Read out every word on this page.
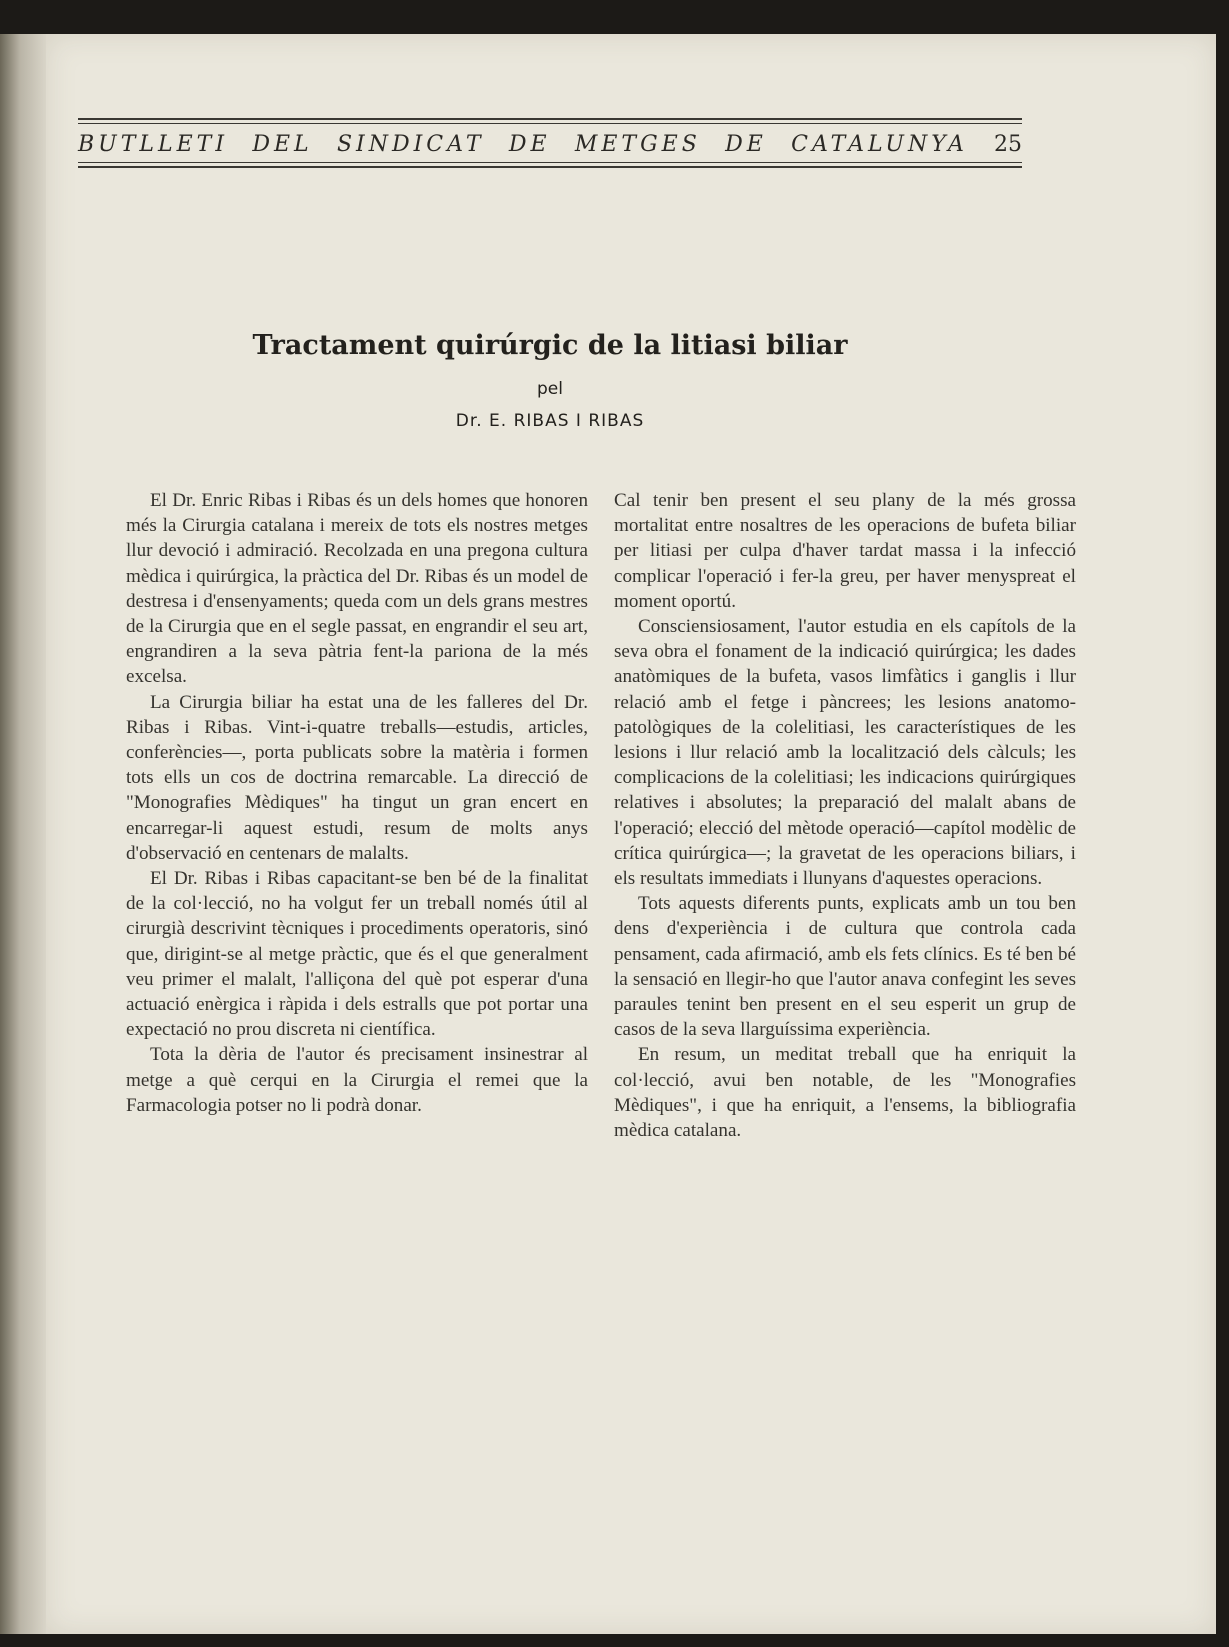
BUTLLETI DEL SINDICAT DE METGES DE CATALUNYA 25
Tractament quirúrgic de la litiasi biliar
pel
Dr. E. RIBAS I RIBAS

El Dr. Enric Ribas i Ribas és un dels homes que honoren més la Cirurgia catalana i mereix de tots els nostres metges llur devoció i admiració. Recolzada en una pregona cultura mèdica i quirúrgica, la pràctica del Dr. Ribas és un model de destresa i d'ensenyaments; queda com un dels grans mestres de la Cirurgia que en el segle passat, en engrandir el seu art, engrandiren a la seva pàtria fent-la pariona de la més excelsa.

La Cirurgia biliar ha estat una de les falleres del Dr. Ribas i Ribas. Vint-i-quatre treballs—estudis, articles, conferències—, porta publicats sobre la matèria i formen tots ells un cos de doctrina remarcable. La direcció de "Monografies Mèdiques" ha tingut un gran encert en encarregar-li aquest estudi, resum de molts anys d'observació en centenars de malalts.

El Dr. Ribas i Ribas capacitant-se ben bé de la finalitat de la col·lecció, no ha volgut fer un treball només útil al cirurgià descrivint tècniques i procediments operatoris, sinó que, dirigint-se al metge pràctic, que és el que generalment veu primer el malalt, l'alliçona del què pot esperar d'una actuació enèrgica i ràpida i dels estralls que pot portar una expectació no prou discreta ni científica.

Tota la dèria de l'autor és precisament insinestrar al metge a què cerqui en la Cirurgia el remei que la Farmacologia potser no li podrà donar.

Cal tenir ben present el seu plany de la més grossa mortalitat entre nosaltres de les operacions de bufeta biliar per litiasi per culpa d'haver tardat massa i la infecció complicar l'operació i fer-la greu, per haver menyspreat el moment oportú.

Consciensiosament, l'autor estudia en els capítols de la seva obra el fonament de la indicació quirúrgica; les dades anatòmiques de la bufeta, vasos limfàtics i ganglis i llur relació amb el fetge i pàncrees; les lesions anatomo-patològiques de la colelitiasi, les característiques de les lesions i llur relació amb la localització dels càlculs; les complicacions de la colelitiasi; les indicacions quirúrgiques relatives i absolutes; la preparació del malalt abans de l'operació; elecció del mètode operació—capítol modèlic de crítica quirúrgica—; la gravetat de les operacions biliars, i els resultats immediats i llunyans d'aquestes operacions.

Tots aquests diferents punts, explicats amb un tou ben dens d'experiència i de cultura que controla cada pensament, cada afirmació, amb els fets clínics. Es té ben bé la sensació en llegir-ho que l'autor anava confegint les seves paraules tenint ben present en el seu esperit un grup de casos de la seva llarguíssima experiència.

En resum, un meditat treball que ha enriquit la col·lecció, avui ben notable, de les "Monografies Mèdiques", i que ha enriquit, a l'ensems, la bibliografia mèdica catalana.
